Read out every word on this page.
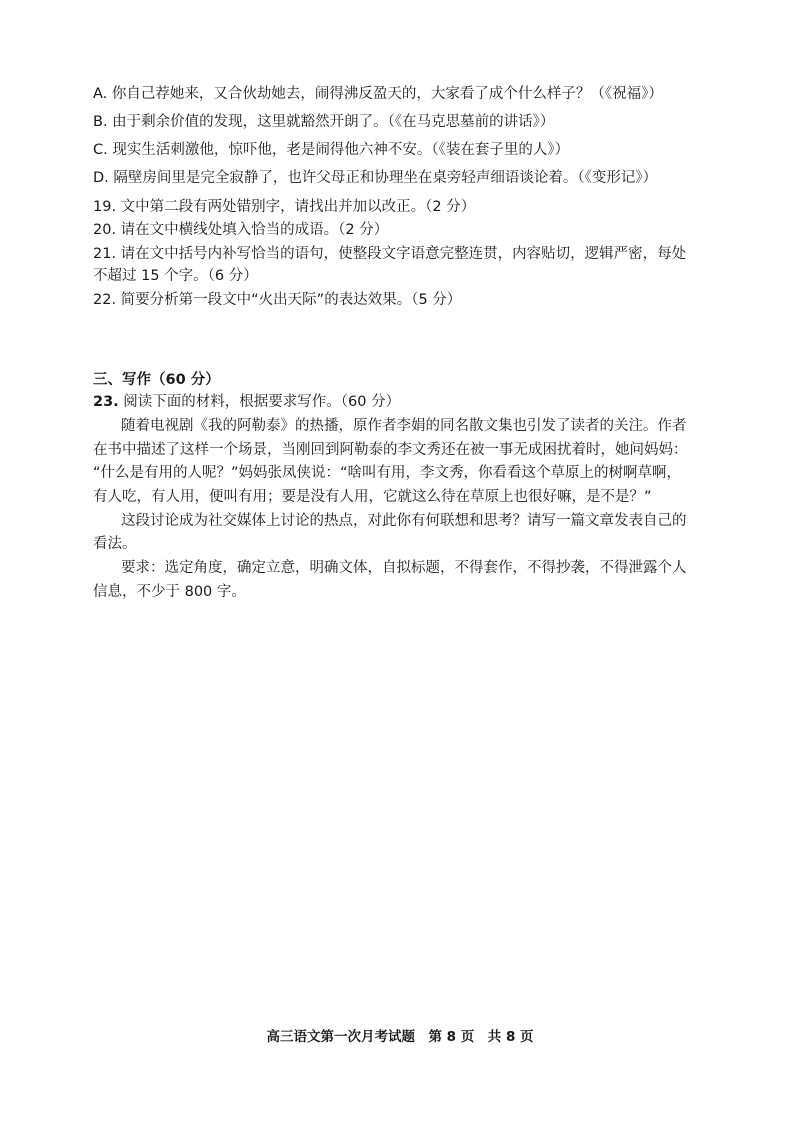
A. 你自己荐她来，又合伙劫她去，闹得沸反盈天的，大家看了成个什么样子？（《祝福》）
B. 由于剩余价值的发现，这里就豁然开朗了。（《在马克思墓前的讲话》）
C. 现实生活刺激他，惊吓他，老是闹得他六神不安。（《装在套子里的人》）
D. 隔壁房间里是完全寂静了，也许父母正和协理坐在桌旁轻声细语谈论着。（《变形记》）
19. 文中第二段有两处错别字，请找出并加以改正。（2 分）
20. 请在文中横线处填入恰当的成语。（2 分）
21. 请在文中括号内补写恰当的语句，使整段文字语意完整连贯，内容贴切，逻辑严密，每处
不超过 15 个字。（6 分）
22. 简要分析第一段文中“火出天际”的表达效果。（5 分）
三、写作（60 分）
23. 阅读下面的材料，根据要求写作。（60 分）
随着电视剧《我的阿勒泰》的热播，原作者李娟的同名散文集也引发了读者的关注。作者
在书中描述了这样一个场景，当刚回到阿勒泰的李文秀还在被一事无成困扰着时，她问妈妈：
“什么是有用的人呢？”妈妈张凤侠说：“啥叫有用，李文秀，你看看这个草原上的树啊草啊，
有人吃，有人用，便叫有用；要是没有人用，它就这么待在草原上也很好嘛，是不是？”
这段讨论成为社交媒体上讨论的热点，对此你有何联想和思考？请写一篇文章发表自己的
看法。
要求：选定角度，确定立意，明确文体，自拟标题，不得套作，不得抄袭，不得泄露个人
信息，不少于 800 字。
高三语文第一次月考试题　第 8 页　共 8 页
